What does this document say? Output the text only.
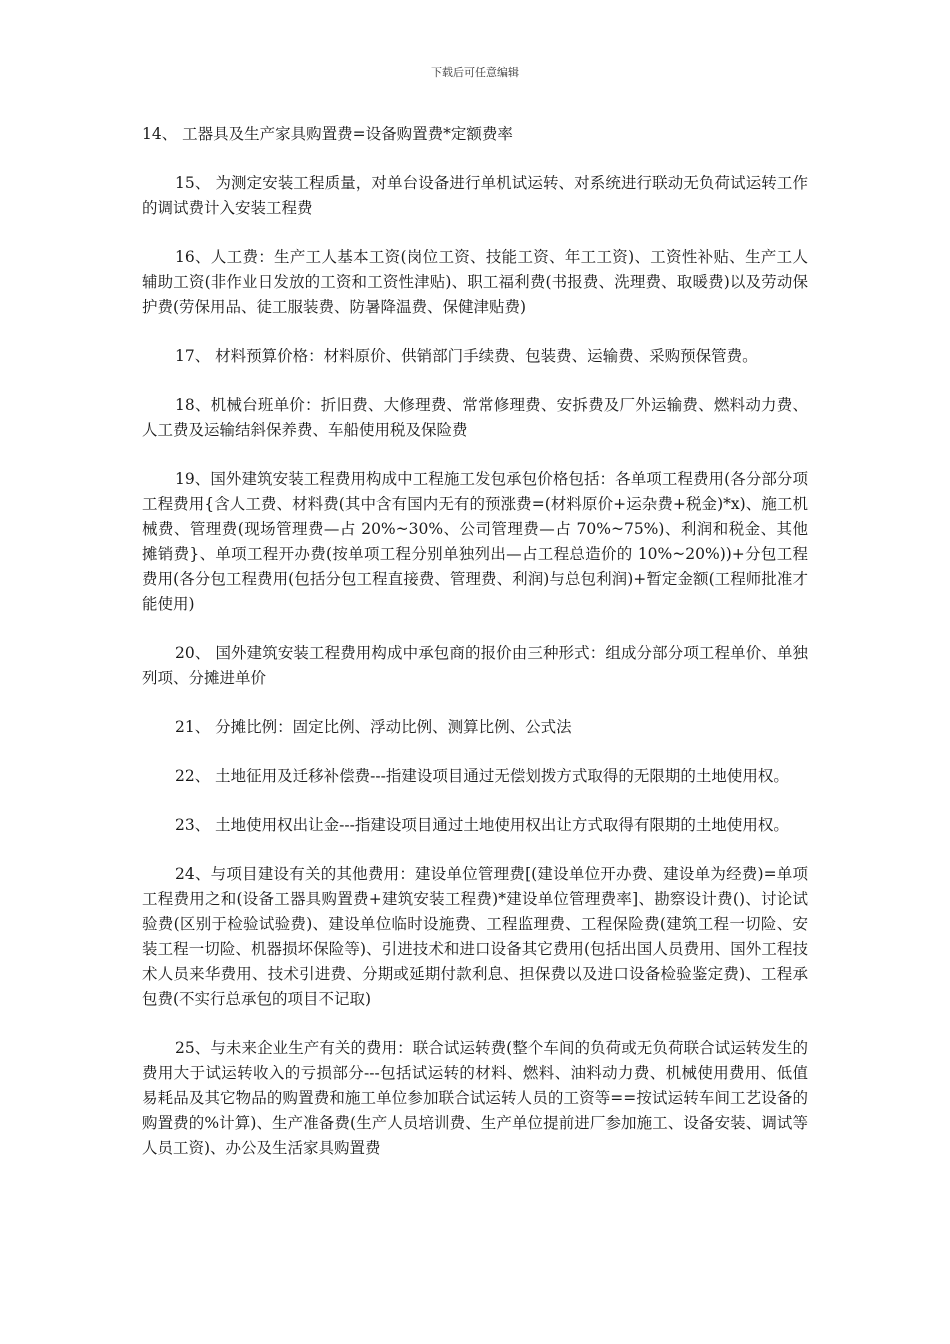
下载后可任意编辑

14、 工器具及生产家具购置费=设备购置费*定额费率

15、 为测定安装工程质量，对单台设备进行单机试运转、对系统进行联动无负荷试运转工作的调试费计入安装工程费

16、人工费：生产工人基本工资(岗位工资、技能工资、年工工资)、工资性补贴、生产工人辅助工资(非作业日发放的工资和工资性津贴)、职工福利费(书报费、洗理费、取暖费)以及劳动保护费(劳保用品、徒工服装费、防暑降温费、保健津贴费)

17、 材料预算价格：材料原价、供销部门手续费、包装费、运输费、采购预保管费。

18、机械台班单价：折旧费、大修理费、常常修理费、安拆费及厂外运输费、燃料动力费、人工费及运输结斜保养费、车船使用税及保险费

19、国外建筑安装工程费用构成中工程施工发包承包价格包括：各单项工程费用(各分部分项工程费用{含人工费、材料费(其中含有国内无有的预涨费=(材料原价+运杂费+税金)*x)、施工机械费、管理费(现场管理费—占 20%~30%、公司管理费—占 70%~75%)、利润和税金、其他摊销费}、单项工程开办费(按单项工程分别单独列出—占工程总造价的 10%~20%))+分包工程费用(各分包工程费用(包括分包工程直接费、管理费、利润)与总包利润)+暂定金额(工程师批准才能使用)

20、 国外建筑安装工程费用构成中承包商的报价由三种形式：组成分部分项工程单价、单独列项、分摊进单价

21、 分摊比例：固定比例、浮动比例、测算比例、公式法

22、 土地征用及迁移补偿费---指建设项目通过无偿划拨方式取得的无限期的土地使用权。

23、 土地使用权出让金---指建设项目通过土地使用权出让方式取得有限期的土地使用权。

24、与项目建设有关的其他费用：建设单位管理费[(建设单位开办费、建设单为经费)=单项工程费用之和(设备工器具购置费+建筑安装工程费)*建设单位管理费率]、勘察设计费()、讨论试验费(区别于检验试验费)、建设单位临时设施费、工程监理费、工程保险费(建筑工程一切险、安装工程一切险、机器损坏保险等)、引进技术和进口设备其它费用(包括出国人员费用、国外工程技术人员来华费用、技术引进费、分期或延期付款利息、担保费以及进口设备检验鉴定费)、工程承包费(不实行总承包的项目不记取)

25、与未来企业生产有关的费用：联合试运转费(整个车间的负荷或无负荷联合试运转发生的费用大于试运转收入的亏损部分---包括试运转的材料、燃料、油料动力费、机械使用费用、低值易耗品及其它物品的购置费和施工单位参加联合试运转人员的工资等==按试运转车间工艺设备的购置费的%计算)、生产准备费(生产人员培训费、生产单位提前进厂参加施工、设备安装、调试等人员工资)、办公及生活家具购置费
